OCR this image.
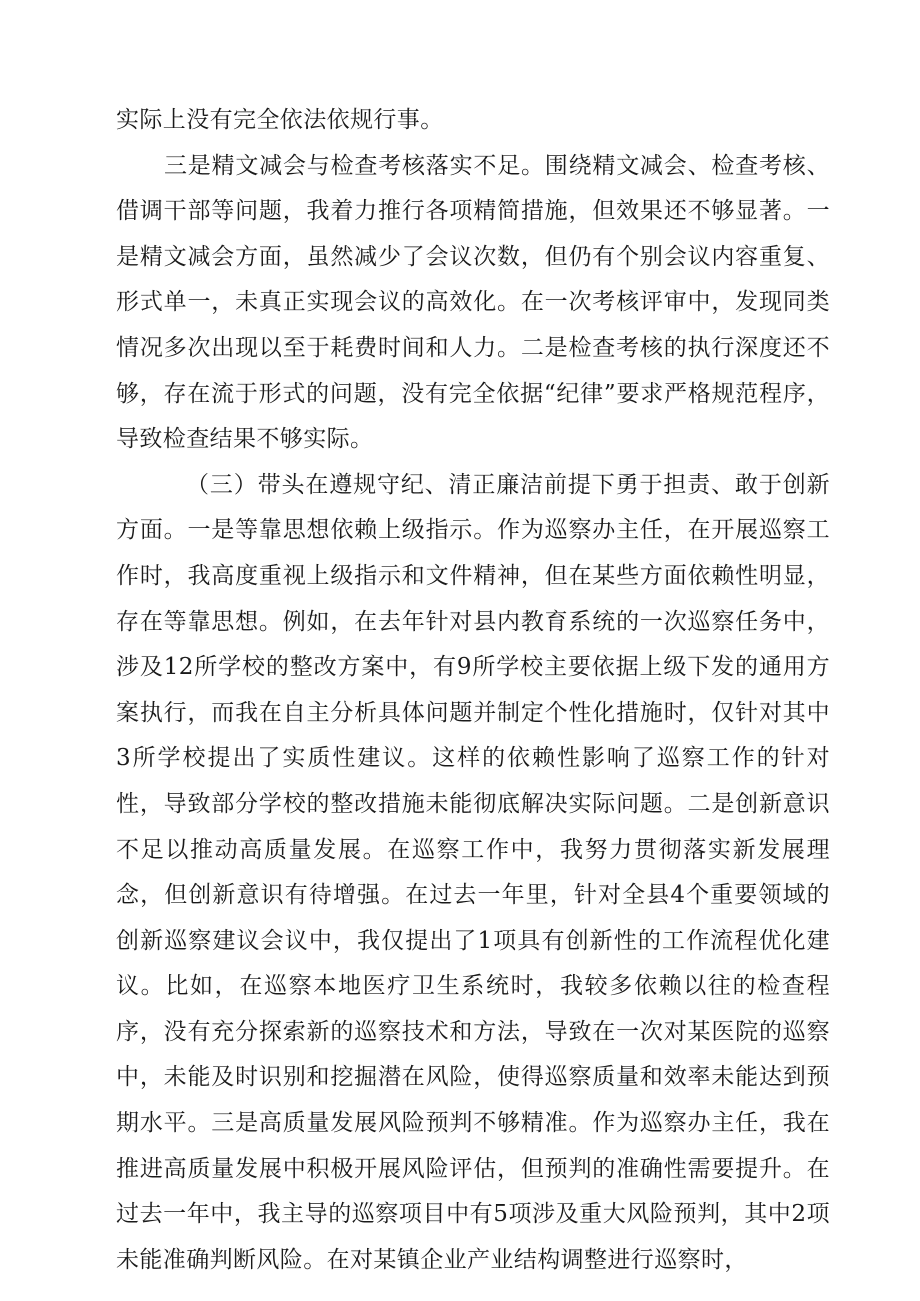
实际上没有完全依法依规行事。

三是精文减会与检查考核落实不足。围绕精文减会、检查考核、借调干部等问题，我着力推行各项精简措施，但效果还不够显著。一是精文减会方面，虽然减少了会议次数，但仍有个别会议内容重复、形式单一，未真正实现会议的高效化。在一次考核评审中，发现同类情况多次出现以至于耗费时间和人力。二是检查考核的执行深度还不够，存在流于形式的问题，没有完全依据“纪律”要求严格规范程序，导致检查结果不够实际。

（三）带头在遵规守纪、清正廉洁前提下勇于担责、敢于创新方面。一是等靠思想依赖上级指示。作为巡察办主任，在开展巡察工作时，我高度重视上级指示和文件精神，但在某些方面依赖性明显，存在等靠思想。例如，在去年针对县内教育系统的一次巡察任务中，涉及12所学校的整改方案中，有9所学校主要依据上级下发的通用方案执行，而我在自主分析具体问题并制定个性化措施时，仅针对其中3所学校提出了实质性建议。这样的依赖性影响了巡察工作的针对性，导致部分学校的整改措施未能彻底解决实际问题。二是创新意识不足以推动高质量发展。在巡察工作中，我努力贯彻落实新发展理念，但创新意识有待增强。在过去一年里，针对全县4个重要领域的创新巡察建议会议中，我仅提出了1项具有创新性的工作流程优化建议。比如，在巡察本地医疗卫生系统时，我较多依赖以往的检查程序，没有充分探索新的巡察技术和方法，导致在一次对某医院的巡察中，未能及时识别和挖掘潜在风险，使得巡察质量和效率未能达到预期水平。三是高质量发展风险预判不够精准。作为巡察办主任，我在推进高质量发展中积极开展风险评估，但预判的准确性需要提升。在过去一年中，我主导的巡察项目中有5项涉及重大风险预判，其中2项未能准确判断风险。在对某镇企业产业结构调整进行巡察时，
